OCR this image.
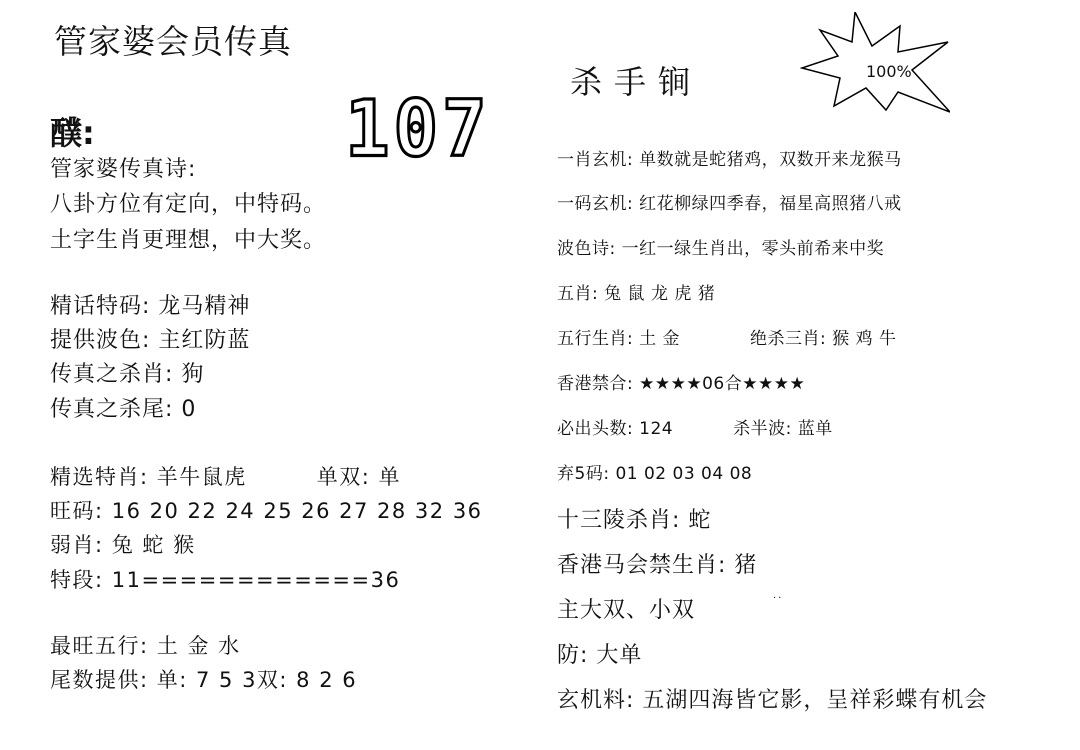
管家婆会员传真
醭:	107
管家婆传真诗:
八卦方位有定向，中特码。
土字生肖更理想，中大奖。
精话特码: 龙马精神
提供波色: 主红防蓝
传真之杀肖: 狗
传真之杀尾: 0
精选特肖: 羊牛鼠虎	单双: 单
旺码: 16 20 22 24 25 26 27 28 32 36
弱肖: 兔 蛇 猴
特段: 11============36
最旺五行: 土 金 水
尾数提供: 单: 7 5 3双: 8 2 6
杀手锏	100%
一肖玄机: 单数就是蛇猪鸡，双数开来龙猴马
一码玄机: 红花柳绿四季春，福星高照猪八戒
波色诗: 一红一绿生肖出，零头前希来中奖
五肖: 兔 鼠 龙 虎 猪
五行生肖: 土 金	绝杀三肖: 猴 鸡 牛
香港禁合: ★★★★06合★★★★
必出头数: 124	杀半波: 蓝单
弃5码: 01 02 03 04 08
十三陵杀肖: 蛇
香港马会禁生肖: 猪
主大双、小双
..
防: 大单
玄机料: 五湖四海皆它影，呈祥彩蝶有机会
